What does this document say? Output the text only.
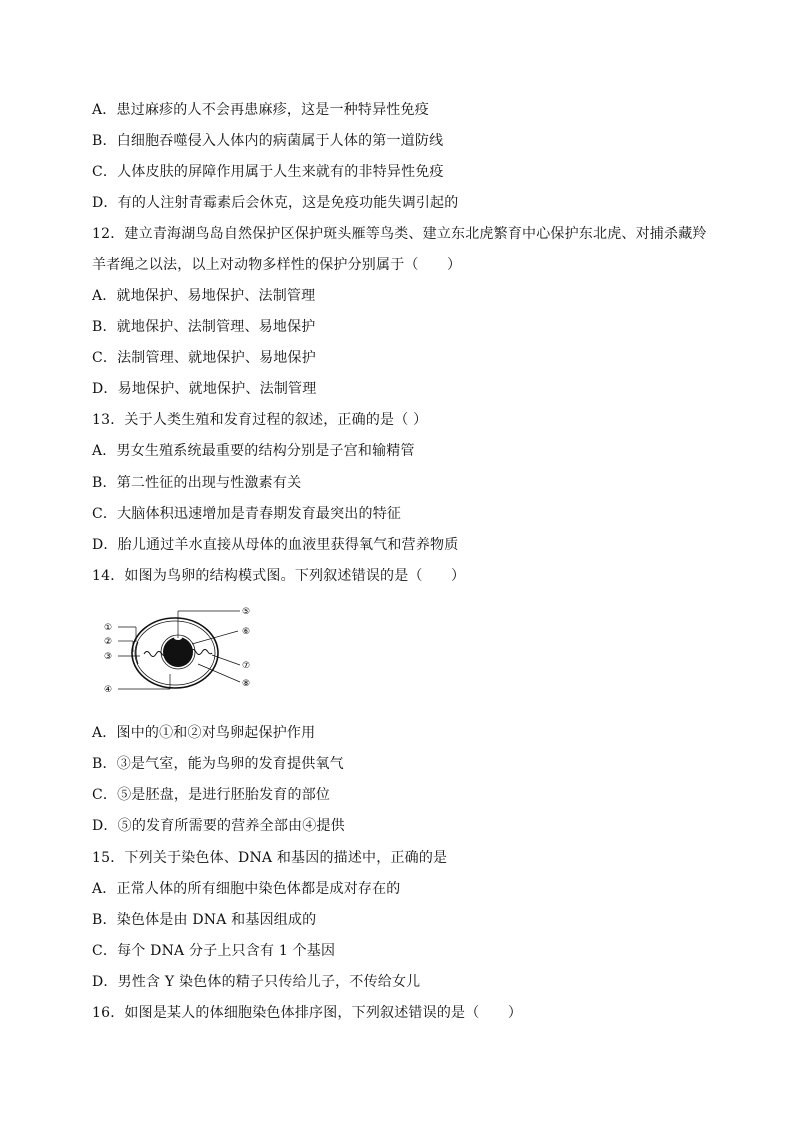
A．患过麻疹的人不会再患麻疹，这是一种特异性免疫
B．白细胞吞噬侵入人体内的病菌属于人体的第一道防线
C．人体皮肤的屏障作用属于人生来就有的非特异性免疫
D．有的人注射青霉素后会休克，这是免疫功能失调引起的
12．建立青海湖鸟岛自然保护区保护斑头雁等鸟类、建立东北虎繁育中心保护东北虎、对捕杀藏羚
羊者绳之以法，以上对动物多样性的保护分别属于（　　）
A．就地保护、易地保护、法制管理
B．就地保护、法制管理、易地保护
C．法制管理、就地保护、易地保护
D．易地保护、就地保护、法制管理
13．关于人类生殖和发育过程的叙述，正确的是（ ）
A．男女生殖系统最重要的结构分别是子宫和输精管
B．第二性征的出现与性激素有关
C．大脑体积迅速增加是青春期发育最突出的特征
D．胎儿通过羊水直接从母体的血液里获得氧气和营养物质
14．如图为鸟卵的结构模式图。下列叙述错误的是（　　）
①
②
③
④
⑤
⑥
⑦
⑧
A．图中的①和②对鸟卵起保护作用
B．③是气室，能为鸟卵的发育提供氧气
C．⑤是胚盘，是进行胚胎发育的部位
D．⑤的发育所需要的营养全部由④提供
15．下列关于染色体、DNA 和基因的描述中，正确的是
A．正常人体的所有细胞中染色体都是成对存在的
B．染色体是由 DNA 和基因组成的
C．每个 DNA 分子上只含有 1 个基因
D．男性含 Y 染色体的精子只传给儿子，不传给女儿
16．如图是某人的体细胞染色体排序图，下列叙述错误的是（　　）
